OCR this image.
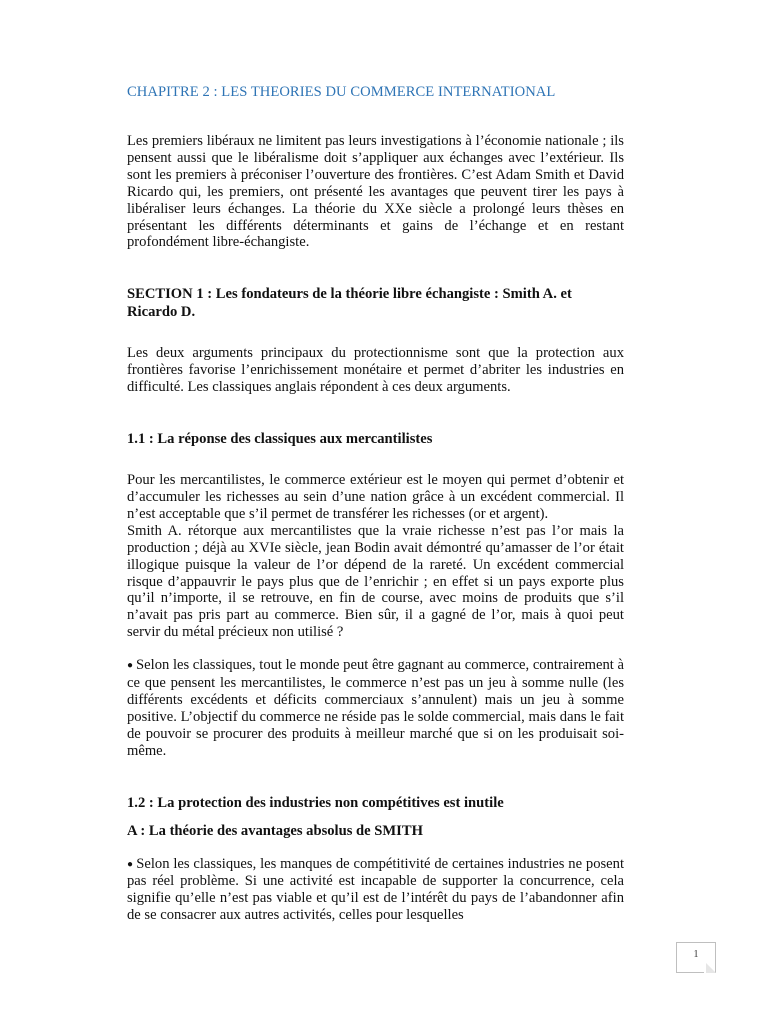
CHAPITRE 2 : LES THEORIES DU COMMERCE INTERNATIONAL

Les premiers libéraux ne limitent pas leurs investigations à l’économie nationale ; ils pensent aussi que le libéralisme doit s’appliquer aux échanges avec l’extérieur. Ils sont les premiers à préconiser l’ouverture des frontières. C’est Adam Smith et David Ricardo qui, les premiers, ont présenté les avantages que peuvent tirer les pays à libéraliser leurs échanges. La théorie du XXe siècle a prolongé leurs thèses en présentant les différents déterminants et gains de l’échange et en restant profondément libre-échangiste.

SECTION 1 : Les fondateurs de la théorie libre échangiste : Smith A. et Ricardo D.

Les deux arguments principaux du protectionnisme sont que la protection aux frontières favorise l’enrichissement monétaire et permet d’abriter les industries en difficulté. Les classiques anglais répondent à ces deux arguments.

1.1 : La réponse des classiques aux mercantilistes

Pour les mercantilistes, le commerce extérieur est le moyen qui permet d’obtenir et d’accumuler les richesses au sein d’une nation grâce à un excédent commercial. Il n’est acceptable que s’il permet de transférer les richesses (or et argent).

Smith A. rétorque aux mercantilistes que la vraie richesse n’est pas l’or mais la production ; déjà au XVIe siècle, jean Bodin avait démontré qu’amasser de l’or était illogique puisque la valeur de l’or dépend de la rareté. Un excédent commercial risque d’appauvrir le pays plus que de l’enrichir ; en effet si un pays exporte plus qu’il n’importe, il se retrouve, en fin de course, avec moins de produits que s’il n’avait pas pris part au commerce. Bien sûr, il a gagné de l’or, mais à quoi peut servir du métal précieux non utilisé ?

● Selon les classiques, tout le monde peut être gagnant au commerce, contrairement à ce que pensent les mercantilistes, le commerce n’est pas un jeu à somme nulle (les différents excédents et déficits commerciaux s’annulent) mais un jeu à somme positive. L’objectif du commerce ne réside pas le solde commercial, mais dans le fait de pouvoir se procurer des produits à meilleur marché que si on les produisait soi-même.

1.2 : La protection des industries non compétitives est inutile
A : La théorie des avantages absolus de SMITH

● Selon les classiques, les manques de compétitivité de certaines industries ne posent pas réel problème. Si une activité est incapable de supporter la concurrence, cela signifie qu’elle n’est pas viable et qu’il est de l’intérêt du pays de l’abandonner afin de se consacrer aux autres activités, celles pour lesquelles

1
